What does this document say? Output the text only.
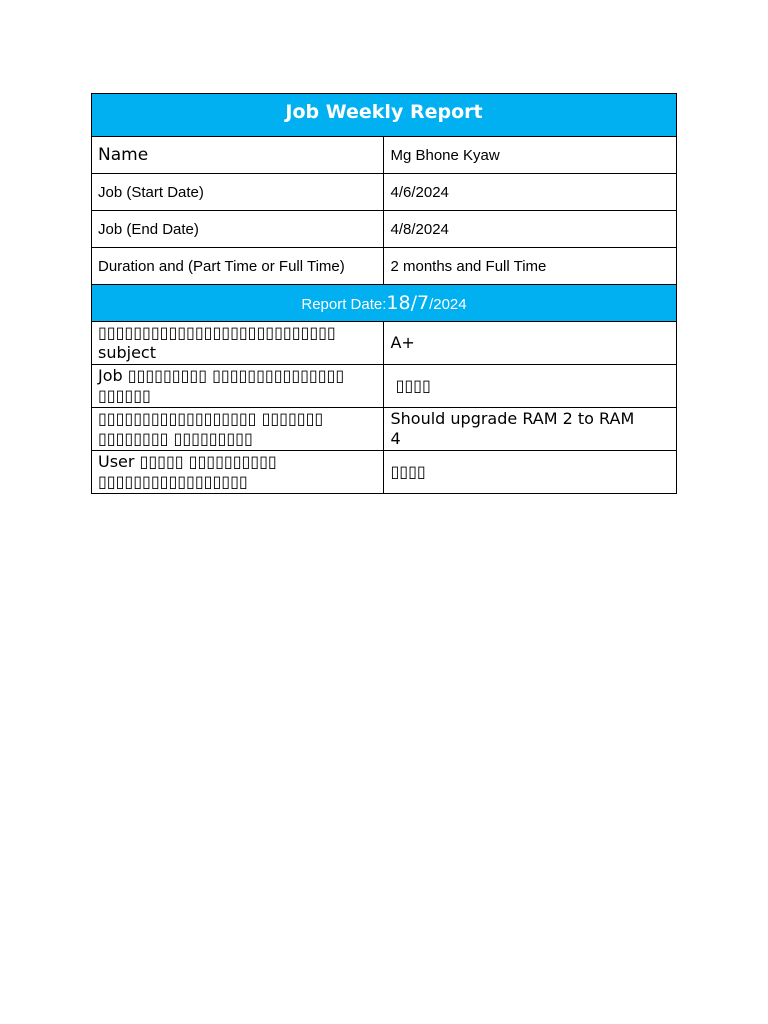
Job Weekly Report	
Name	Mg Bhone Kyaw
Job (Start Date)	4/6/2024
Job (End Date)	4/8/2024
Duration and (Part Time or Full Time)	2 months and Full Time
Report Date:18/7/2024	
▯▯▯▯▯▯▯▯▯▯▯▯▯▯▯▯▯▯▯▯▯▯▯▯▯▯▯
subject	A+
Job ▯▯▯▯▯▯▯▯▯ ▯▯▯▯▯▯▯▯▯▯▯▯▯▯▯
▯▯▯▯▯▯	▯▯▯▯
▯▯▯▯▯▯▯▯▯▯▯▯▯▯▯▯▯▯ ▯▯▯▯▯▯▯
▯▯▯▯▯▯▯▯ ▯▯▯▯▯▯▯▯▯	Should upgrade RAM 2 to RAM
4
User ▯▯▯▯▯ ▯▯▯▯▯▯▯▯▯▯
▯▯▯▯▯▯▯▯▯▯▯▯▯▯▯▯▯	▯▯▯▯
